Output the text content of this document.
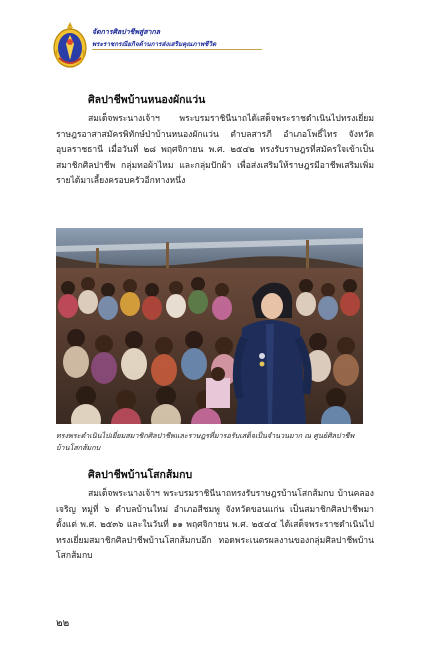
จัดการศิลปาชีพสู่สากล
พระราชกรณียกิจด้านการส่งเสริมคุณภาพชีวิต
ศิลปาชีพบ้านหนองผักแว่น
สมเด็จพระนางเจ้าฯ พระบรมราชินีนาถได้เสด็จพระราชดำเนินไปทรงเยี่ยมราษฎรอาสาสมัครพิทักษ์ป่าบ้านหนองผักแว่น ตำบลสารภี อำเภอโพธิ์ไทร จังหวัดอุบลราชธานี เมื่อวันที่ ๒๘ พฤศจิกายน พ.ศ. ๒๕๔๒ ทรงรับราษฎรที่สมัครใจเข้าเป็นสมาชิกศิลปาชีพ กลุ่มทอผ้าไหม และกลุ่มปักผ้า เพื่อส่งเสริมให้ราษฎรมีอาชีพเสริมเพิ่มรายได้มาเลี้ยงครอบครัวอีกทางหนึ่ง
ทรงพระดำเนินไปเยี่ยมสมาชิกศิลปาชีพและราษฎรที่มารอรับเสด็จเป็นจำนวนมาก ณ ศูนย์ศิลปาชีพบ้านโสกส้มกบ
ศิลปาชีพบ้านโสกส้มกบ
สมเด็จพระนางเจ้าฯ พระบรมราชินีนาถทรงรับราษฎรบ้านโสกส้มกบ บ้านคลองเจริญ หมู่ที่ ๖ ตำบลบ้านใหม่ อำเภอสีชมพู จังหวัดขอนแก่น เป็นสมาชิกศิลปาชีพมาตั้งแต่ พ.ศ. ๒๕๓๖ และในวันที่ ๑๑ พฤศจิกายน พ.ศ. ๒๕๔๔ ได้เสด็จพระราชดำเนินไปทรงเยี่ยมสมาชิกศิลปาชีพบ้านโสกส้มกบอีก ทอดพระเนตรผลงานของกลุ่มศิลปาชีพบ้านโสกส้มกบ
๒๒
